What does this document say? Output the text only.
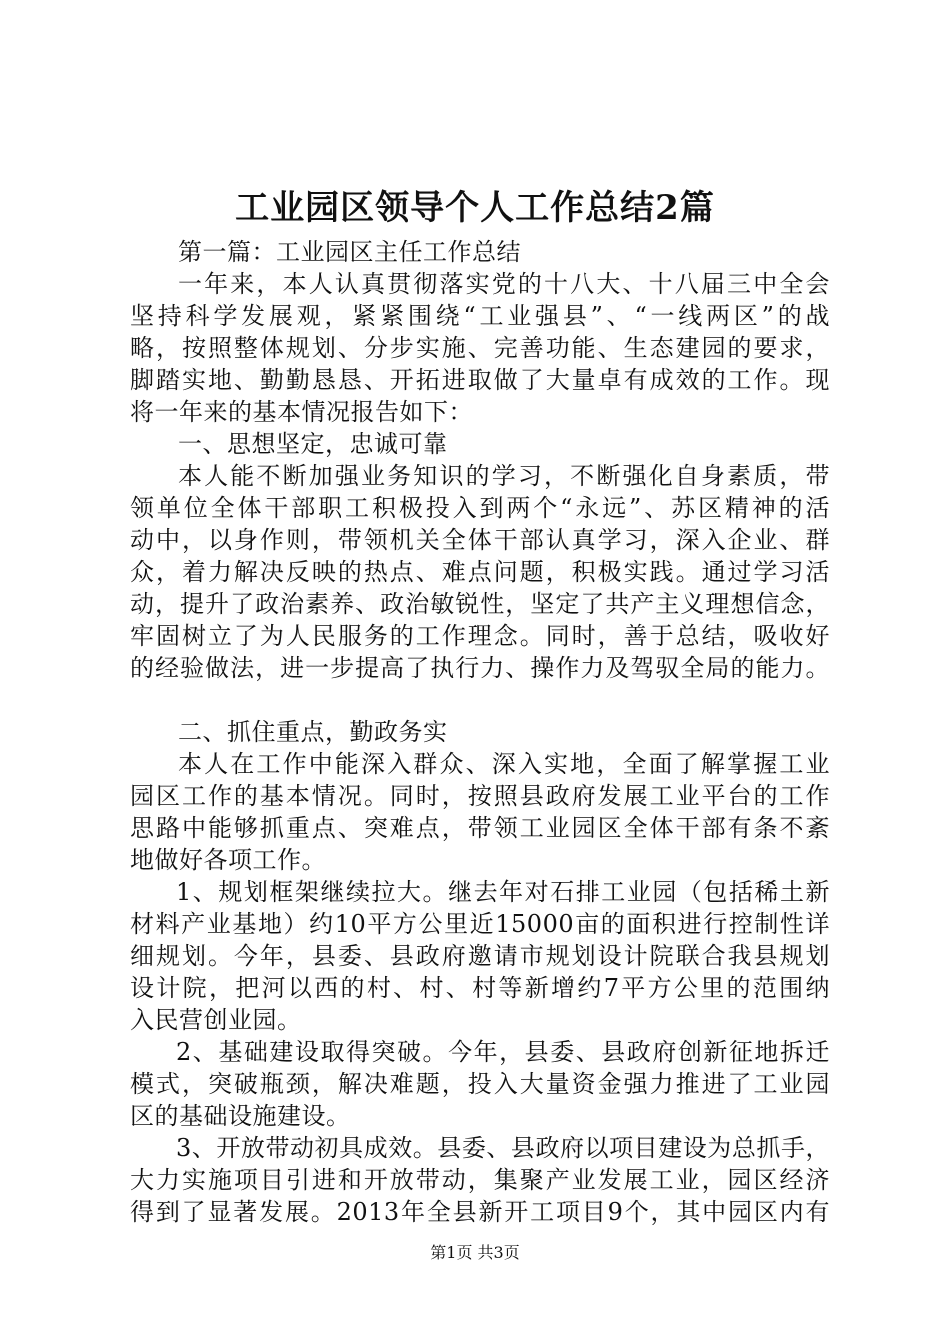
工业园区领导个人工作总结2篇
第一篇：工业园区主任工作总结
一年来，本人认真贯彻落实党的十八大、十八届三中全会
坚持科学发展观，紧紧围绕“工业强县”、“一线两区”的战
略，按照整体规划、分步实施、完善功能、生态建园的要求，
脚踏实地、勤勤恳恳、开拓进取做了大量卓有成效的工作。现
将一年来的基本情况报告如下：
一、思想坚定，忠诚可靠
本人能不断加强业务知识的学习，不断强化自身素质，带
领单位全体干部职工积极投入到两个“永远”、苏区精神的活
动中，以身作则，带领机关全体干部认真学习，深入企业、群
众，着力解决反映的热点、难点问题，积极实践。通过学习活
动，提升了政治素养、政治敏锐性，坚定了共产主义理想信念，
牢固树立了为人民服务的工作理念。同时，善于总结，吸收好
的经验做法，进一步提高了执行力、操作力及驾驭全局的能力。
二、抓住重点，勤政务实
本人在工作中能深入群众、深入实地，全面了解掌握工业
园区工作的基本情况。同时，按照县政府发展工业平台的工作
思路中能够抓重点、突难点，带领工业园区全体干部有条不紊
地做好各项工作。
1、规划框架继续拉大。继去年对石排工业园（包括稀土新
材料产业基地）约10平方公里近15000亩的面积进行控制性详
细规划。今年，县委、县政府邀请市规划设计院联合我县规划
设计院，把河以西的村、村、村等新增约7平方公里的范围纳
入民营创业园。
2、基础建设取得突破。今年，县委、县政府创新征地拆迁
模式，突破瓶颈，解决难题，投入大量资金强力推进了工业园
区的基础设施建设。
3、开放带动初具成效。县委、县政府以项目建设为总抓手，
大力实施项目引进和开放带动，集聚产业发展工业，园区经济
得到了显著发展。2013年全县新开工项目9个，其中园区内有
第1页 共3页
